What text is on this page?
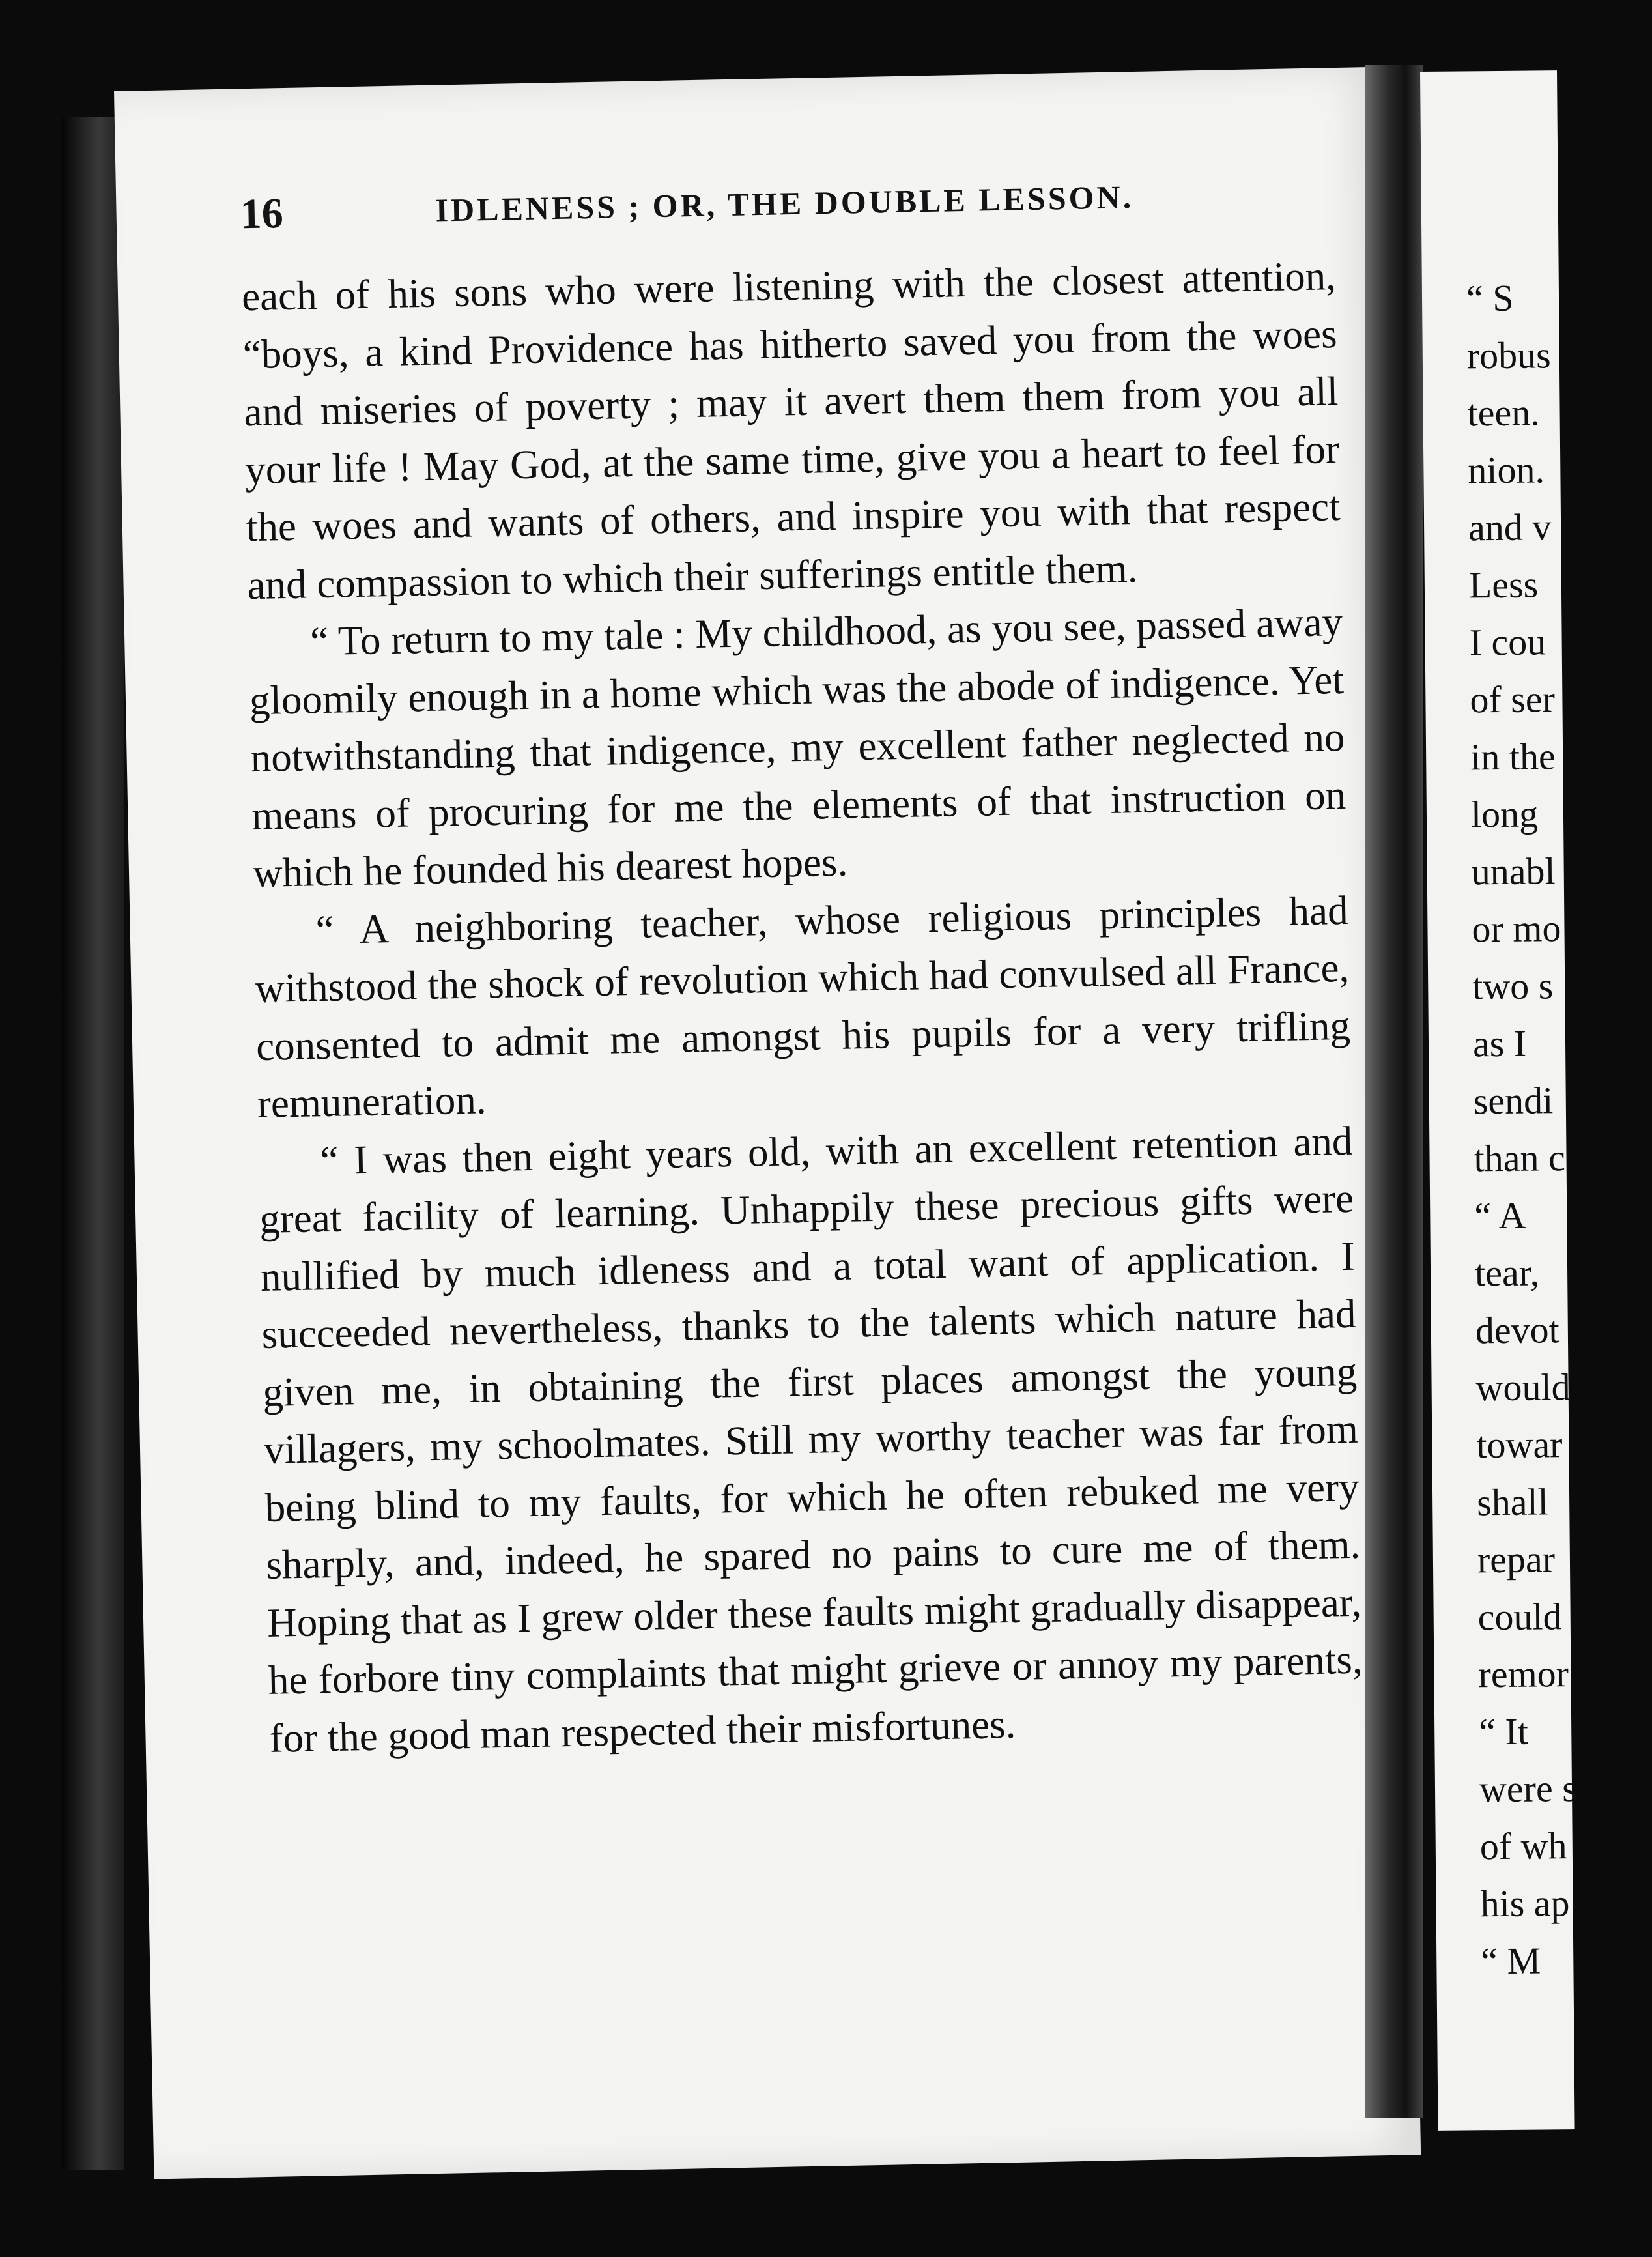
16	IDLENESS ; OR, THE DOUBLE LESSON.

each of his sons who were listening with the closest attention, “boys, a kind Providence has hitherto saved you from the woes and miseries of poverty ; may it avert them them from you all your life ! May God, at the same time, give you a heart to feel for the woes and wants of others, and inspire you with that respect and compassion to which their sufferings entitle them.

“ To return to my tale : My childhood, as you see, passed away gloomily enough in a home which was the abode of indigence. Yet notwithstanding that indigence, my excellent father neglected no means of procuring for me the elements of that instruction on which he founded his dearest hopes.

“ A neighboring teacher, whose religious principles had withstood the shock of revolution which had convulsed all France, consented to admit me amongst his pupils for a very trifling remuneration.

“ I was then eight years old, with an excellent retention and great facility of learning. Unhappily these precious gifts were nullified by much idleness and a total want of application. I succeeded nevertheless, thanks to the talents which nature had given me, in obtaining the first places amongst the young villagers, my schoolmates. Still my worthy teacher was far from being blind to my faults, for which he often rebuked me very sharply, and, indeed, he spared no pains to cure me of them. Hoping that as I grew older these faults might gradually disappear, he forbore tiny complaints that might grieve or annoy my parents, for the good man respected their misfortunes.

“ S
robus
teen.
nion.
and v
Less
I cou
of ser
in the
long
unabl
or mo
two s
as I
sendi
than c
“ A
tear,
devot
would
towar
shall
repar
could
remor
“ It
were s
of wh
his ap
“ M
